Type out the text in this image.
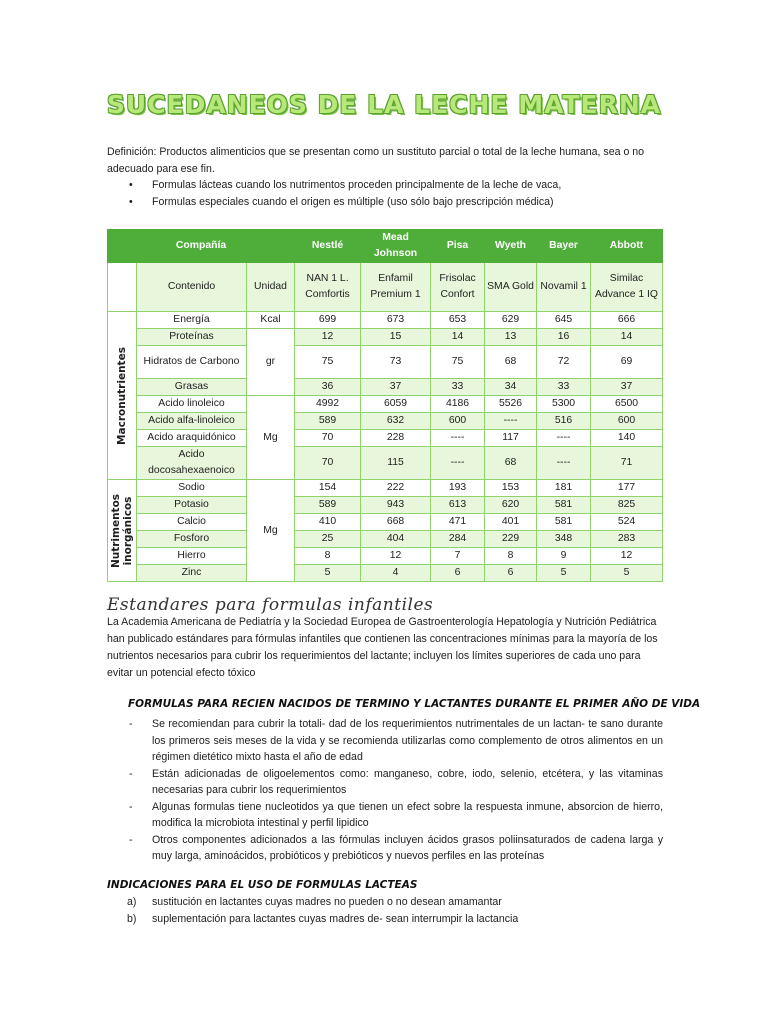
SUCEDANEOS DE LA LECHE MATERNA
Definición: Productos alimenticios que se presentan como un sustituto parcial o total de la leche humana, sea o no adecuado para ese fin.
• Formulas lácteas cuando los nutrimentos proceden principalmente de la leche de vaca,
• Formulas especiales cuando el origen es múltiple (uso sólo bajo prescripción médica)
Compañía			Nestlé	Mead Johnson	Pisa	Wyeth	Bayer	Abbott
	Contenido	Unidad	NAN 1 L. Comfortis	Enfamil Premium 1	Frisolac Confort	SMA Gold	Novamil 1	Similac Advance 1 IQ

Macronutrientes	Energía	Kcal	699	673	653	629	645	666
	Proteínas	gr	12	15	14	13	16	14
	Hidratos de Carbono		75	73	75	68	72	69
	Grasas		36	37	33	34	33	37
	Acido linoleico	Mg	4992	6059	4186	5526	5300	6500
	Acido alfa-linoleico		589	632	600	----	516	600
	Acido araquidónico		70	228	----	117	----	140
	Acido docosahexaenoico		70	115	----	68	----	71

Nutrimentos
inorgánicos	Sodio	Mg	154	222	193	153	181	177
	Potasio		589	943	613	620	581	825
	Calcio		410	668	471	401	581	524
	Fosforo		25	404	284	229	348	283
	Hierro		8	12	7	8	9	12
	Zinc		5	4	6	6	5	5
Estandares para formulas infantiles
La Academia Americana de Pediatría y la Sociedad Europea de Gastroenterología Hepatología y Nutrición Pediátrica han publicado estándares para fórmulas infantiles que contienen las concentraciones mínimas para la mayoría de los nutrientos necesarios para cubrir los requerimientos del lactante; incluyen los límites superiores de cada uno para evitar un potencial efecto tóxico
FORMULAS PARA RECIEN NACIDOS DE TERMINO Y LACTANTES DURANTE EL PRIMER AÑO DE VIDA
- Se recomiendan para cubrir la totali- dad de los requerimientos nutrimentales de un lactan- te sano durante los primeros seis meses de la vida y se recomienda utilizarlas como complemento de otros alimentos en un régimen dietético mixto hasta el año de edad
- Están adicionadas de oligoelementos como: manganeso, cobre, iodo, selenio, etcétera, y las vitaminas necesarias para cubrir los requerimientos
- Algunas formulas tiene nucleotidos ya que tienen un efect sobre la respuesta inmune, absorcion de hierro, modifica la microbiota intestinal y perfil lipidico
- Otros componentes adicionados a las fórmulas incluyen ácidos grasos poliinsaturados de cadena larga y muy larga, aminoácidos, probióticos y prebióticos y nuevos perfiles en las proteínas
INDICACIONES PARA EL USO DE FORMULAS LACTEAS
a) sustitución en lactantes cuyas madres no pueden o no desean amamantar
b) suplementación para lactantes cuyas madres de- sean interrumpir la lactancia
